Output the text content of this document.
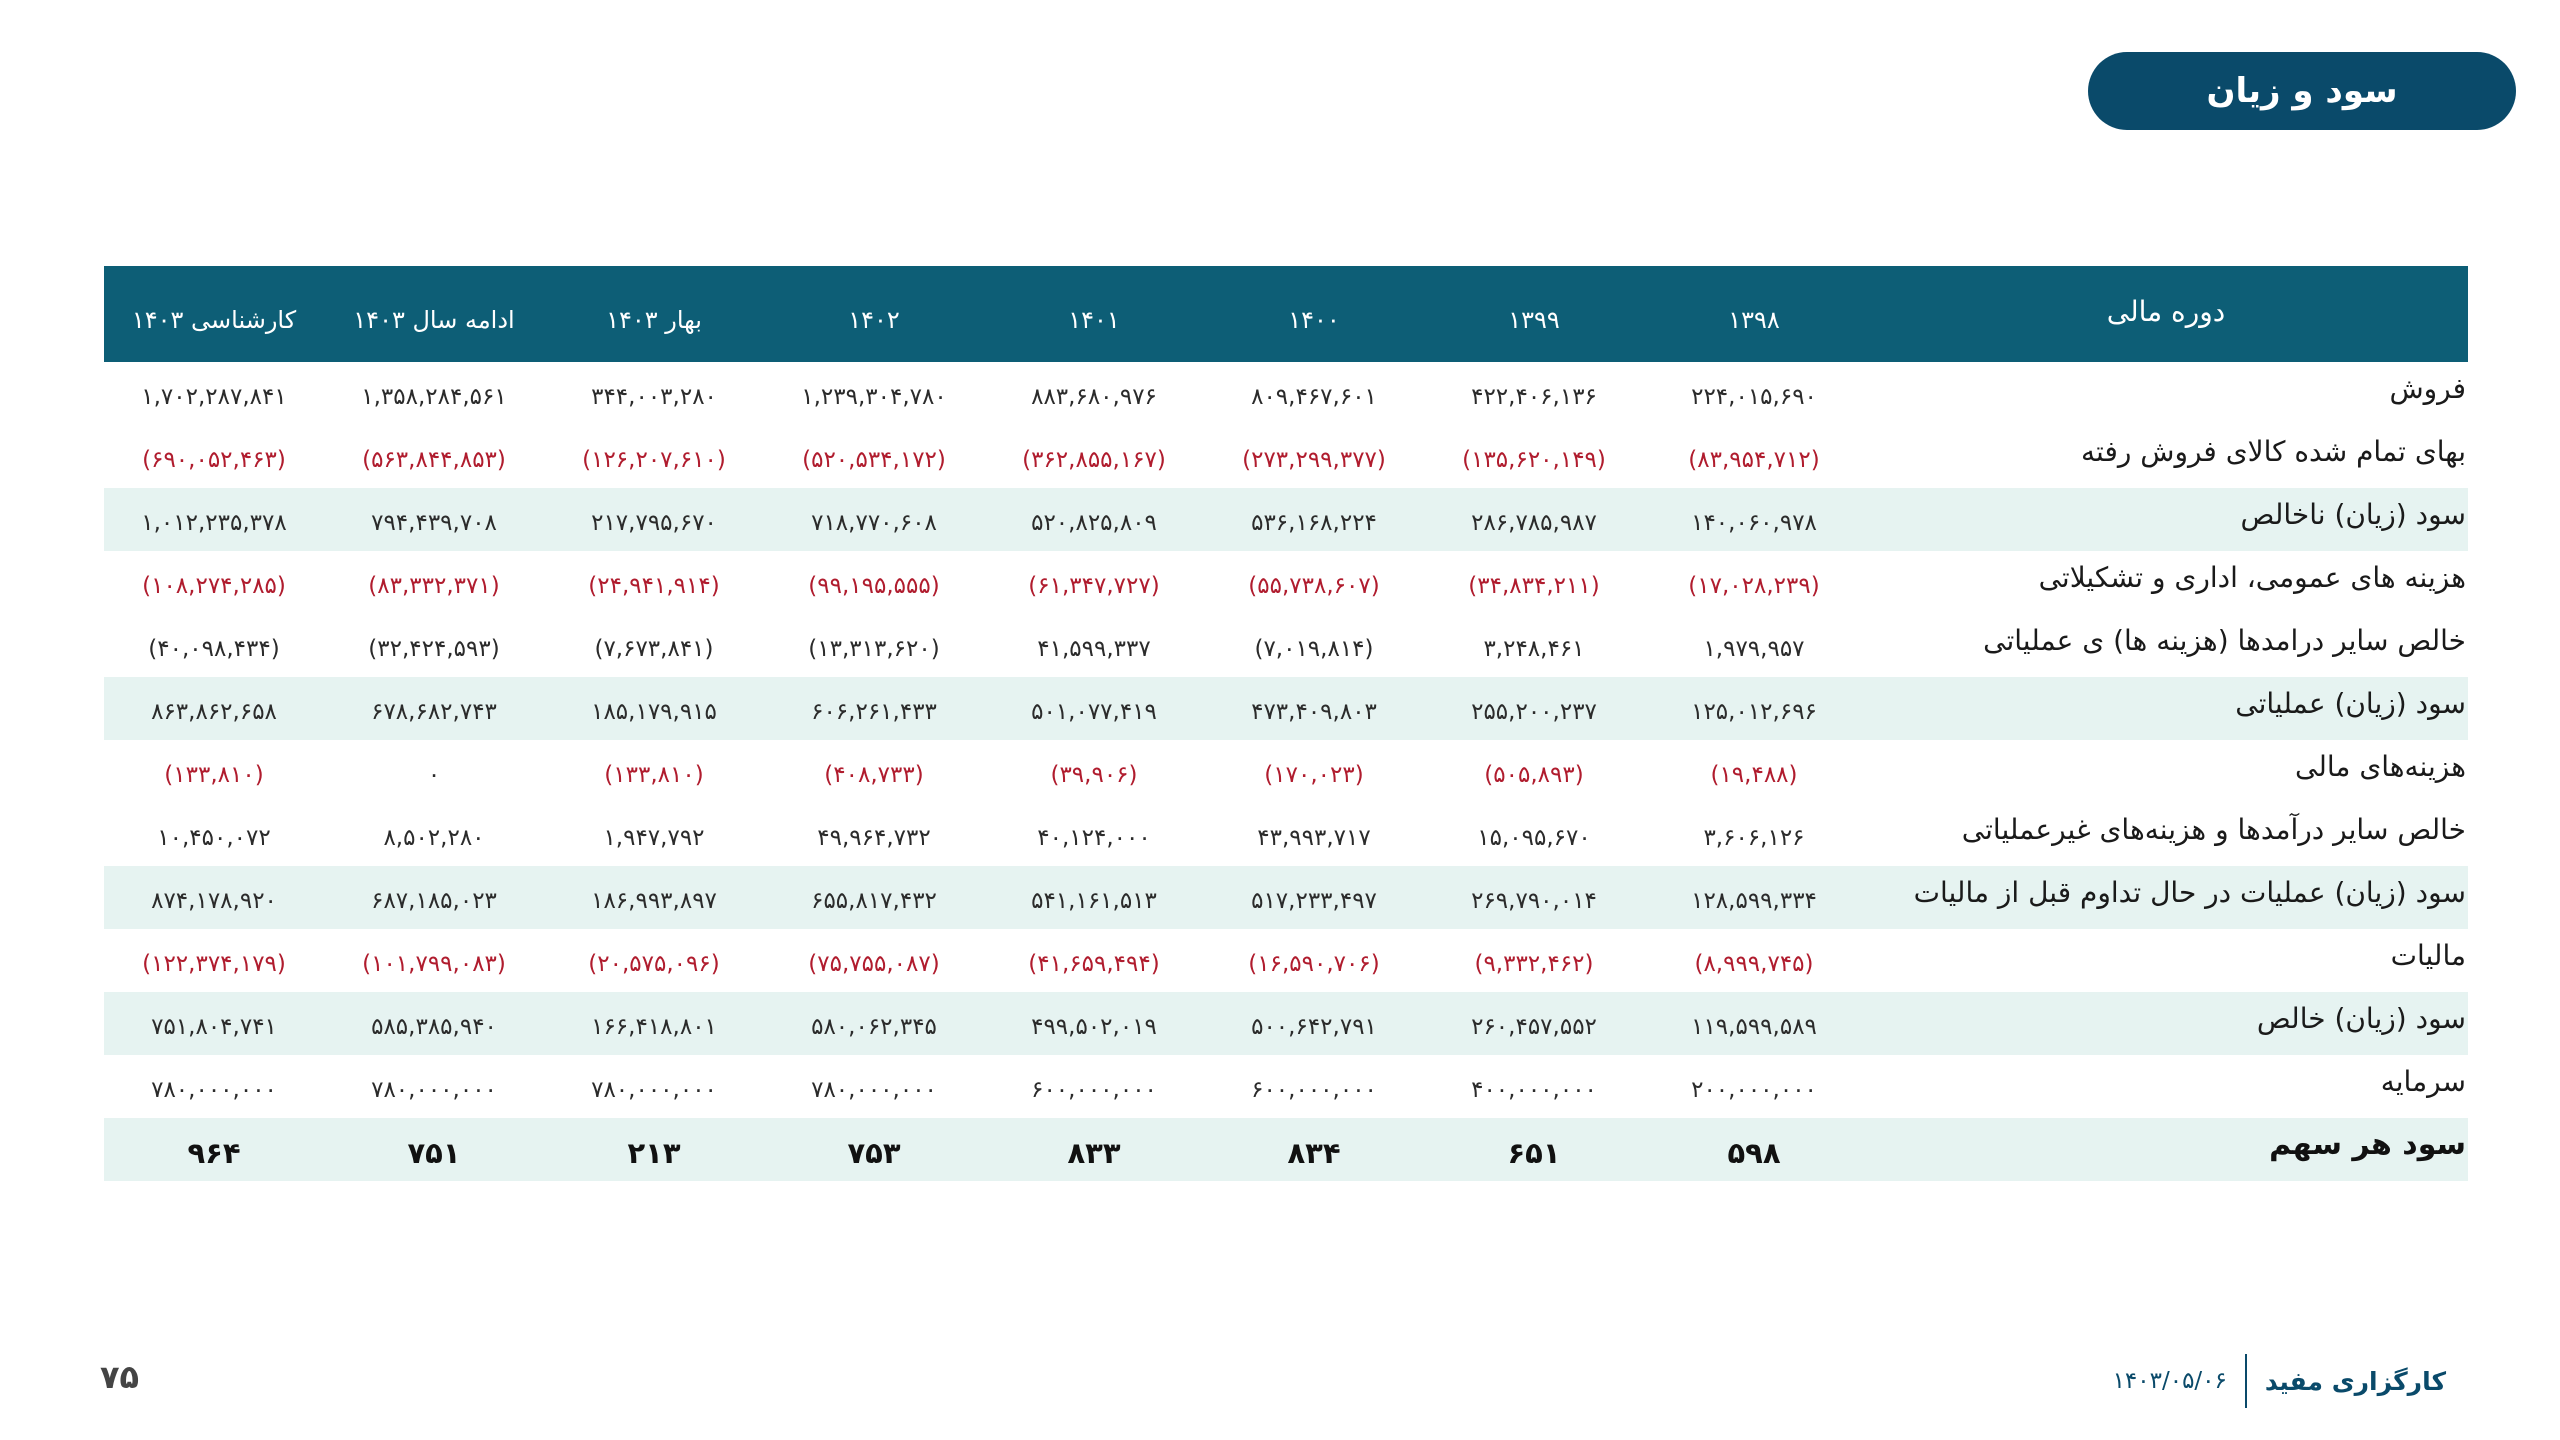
سود و زیان
دوره مالی	۱۳۹۸	۱۳۹۹	۱۴۰۰	۱۴۰۱	۱۴۰۲	بهار ۱۴۰۳	ادامه سال ۱۴۰۳	کارشناسی ۱۴۰۳
فروش	۲۲۴,۰۱۵,۶۹۰	۴۲۲,۴۰۶,۱۳۶	۸۰۹,۴۶۷,۶۰۱	۸۸۳,۶۸۰,۹۷۶	۱,۲۳۹,۳۰۴,۷۸۰	۳۴۴,۰۰۳,۲۸۰	۱,۳۵۸,۲۸۴,۵۶۱	۱,۷۰۲,۲۸۷,۸۴۱
بهای تمام شده کالای فروش رفته	(۸۳,۹۵۴,۷۱۲)	(۱۳۵,۶۲۰,۱۴۹)	(۲۷۳,۲۹۹,۳۷۷)	(۳۶۲,۸۵۵,۱۶۷)	(۵۲۰,۵۳۴,۱۷۲)	(۱۲۶,۲۰۷,۶۱۰)	(۵۶۳,۸۴۴,۸۵۳)	(۶۹۰,۰۵۲,۴۶۳)
سود (زیان) ناخالص	۱۴۰,۰۶۰,۹۷۸	۲۸۶,۷۸۵,۹۸۷	۵۳۶,۱۶۸,۲۲۴	۵۲۰,۸۲۵,۸۰۹	۷۱۸,۷۷۰,۶۰۸	۲۱۷,۷۹۵,۶۷۰	۷۹۴,۴۳۹,۷۰۸	۱,۰۱۲,۲۳۵,۳۷۸
هزینه های عمومی، اداری و تشکیلاتی	(۱۷,۰۲۸,۲۳۹)	(۳۴,۸۳۴,۲۱۱)	(۵۵,۷۳۸,۶۰۷)	(۶۱,۳۴۷,۷۲۷)	(۹۹,۱۹۵,۵۵۵)	(۲۴,۹۴۱,۹۱۴)	(۸۳,۳۳۲,۳۷۱)	(۱۰۸,۲۷۴,۲۸۵)
خالص سایر درامدها (هزینه ها) ی عملیاتی	۱,۹۷۹,۹۵۷	۳,۲۴۸,۴۶۱	(۷,۰۱۹,۸۱۴)	۴۱,۵۹۹,۳۳۷	(۱۳,۳۱۳,۶۲۰)	(۷,۶۷۳,۸۴۱)	(۳۲,۴۲۴,۵۹۳)	(۴۰,۰۹۸,۴۳۴)
سود (زیان) عملیاتی	۱۲۵,۰۱۲,۶۹۶	۲۵۵,۲۰۰,۲۳۷	۴۷۳,۴۰۹,۸۰۳	۵۰۱,۰۷۷,۴۱۹	۶۰۶,۲۶۱,۴۳۳	۱۸۵,۱۷۹,۹۱۵	۶۷۸,۶۸۲,۷۴۳	۸۶۳,۸۶۲,۶۵۸
هزینه‌های مالی	(۱۹,۴۸۸)	(۵۰۵,۸۹۳)	(۱۷۰,۰۲۳)	(۳۹,۹۰۶)	(۴۰۸,۷۳۳)	(۱۳۳,۸۱۰)	۰	(۱۳۳,۸۱۰)
خالص سایر درآمدها و هزینه‌های غیرعملیاتی	۳,۶۰۶,۱۲۶	۱۵,۰۹۵,۶۷۰	۴۳,۹۹۳,۷۱۷	۴۰,۱۲۴,۰۰۰	۴۹,۹۶۴,۷۳۲	۱,۹۴۷,۷۹۲	۸,۵۰۲,۲۸۰	۱۰,۴۵۰,۰۷۲
سود (زیان) عملیات در حال تداوم قبل از مالیات	۱۲۸,۵۹۹,۳۳۴	۲۶۹,۷۹۰,۰۱۴	۵۱۷,۲۳۳,۴۹۷	۵۴۱,۱۶۱,۵۱۳	۶۵۵,۸۱۷,۴۳۲	۱۸۶,۹۹۳,۸۹۷	۶۸۷,۱۸۵,۰۲۳	۸۷۴,۱۷۸,۹۲۰
مالیات	(۸,۹۹۹,۷۴۵)	(۹,۳۳۲,۴۶۲)	(۱۶,۵۹۰,۷۰۶)	(۴۱,۶۵۹,۴۹۴)	(۷۵,۷۵۵,۰۸۷)	(۲۰,۵۷۵,۰۹۶)	(۱۰۱,۷۹۹,۰۸۳)	(۱۲۲,۳۷۴,۱۷۹)
سود (زیان) خالص	۱۱۹,۵۹۹,۵۸۹	۲۶۰,۴۵۷,۵۵۲	۵۰۰,۶۴۲,۷۹۱	۴۹۹,۵۰۲,۰۱۹	۵۸۰,۰۶۲,۳۴۵	۱۶۶,۴۱۸,۸۰۱	۵۸۵,۳۸۵,۹۴۰	۷۵۱,۸۰۴,۷۴۱
سرمایه	۲۰۰,۰۰۰,۰۰۰	۴۰۰,۰۰۰,۰۰۰	۶۰۰,۰۰۰,۰۰۰	۶۰۰,۰۰۰,۰۰۰	۷۸۰,۰۰۰,۰۰۰	۷۸۰,۰۰۰,۰۰۰	۷۸۰,۰۰۰,۰۰۰	۷۸۰,۰۰۰,۰۰۰
سود هر سهم	۵۹۸	۶۵۱	۸۳۴	۸۳۳	۷۵۳	۲۱۳	۷۵۱	۹۶۴
۷۵	کارگزاری مفید
۱۴۰۳/۰۵/۰۶
